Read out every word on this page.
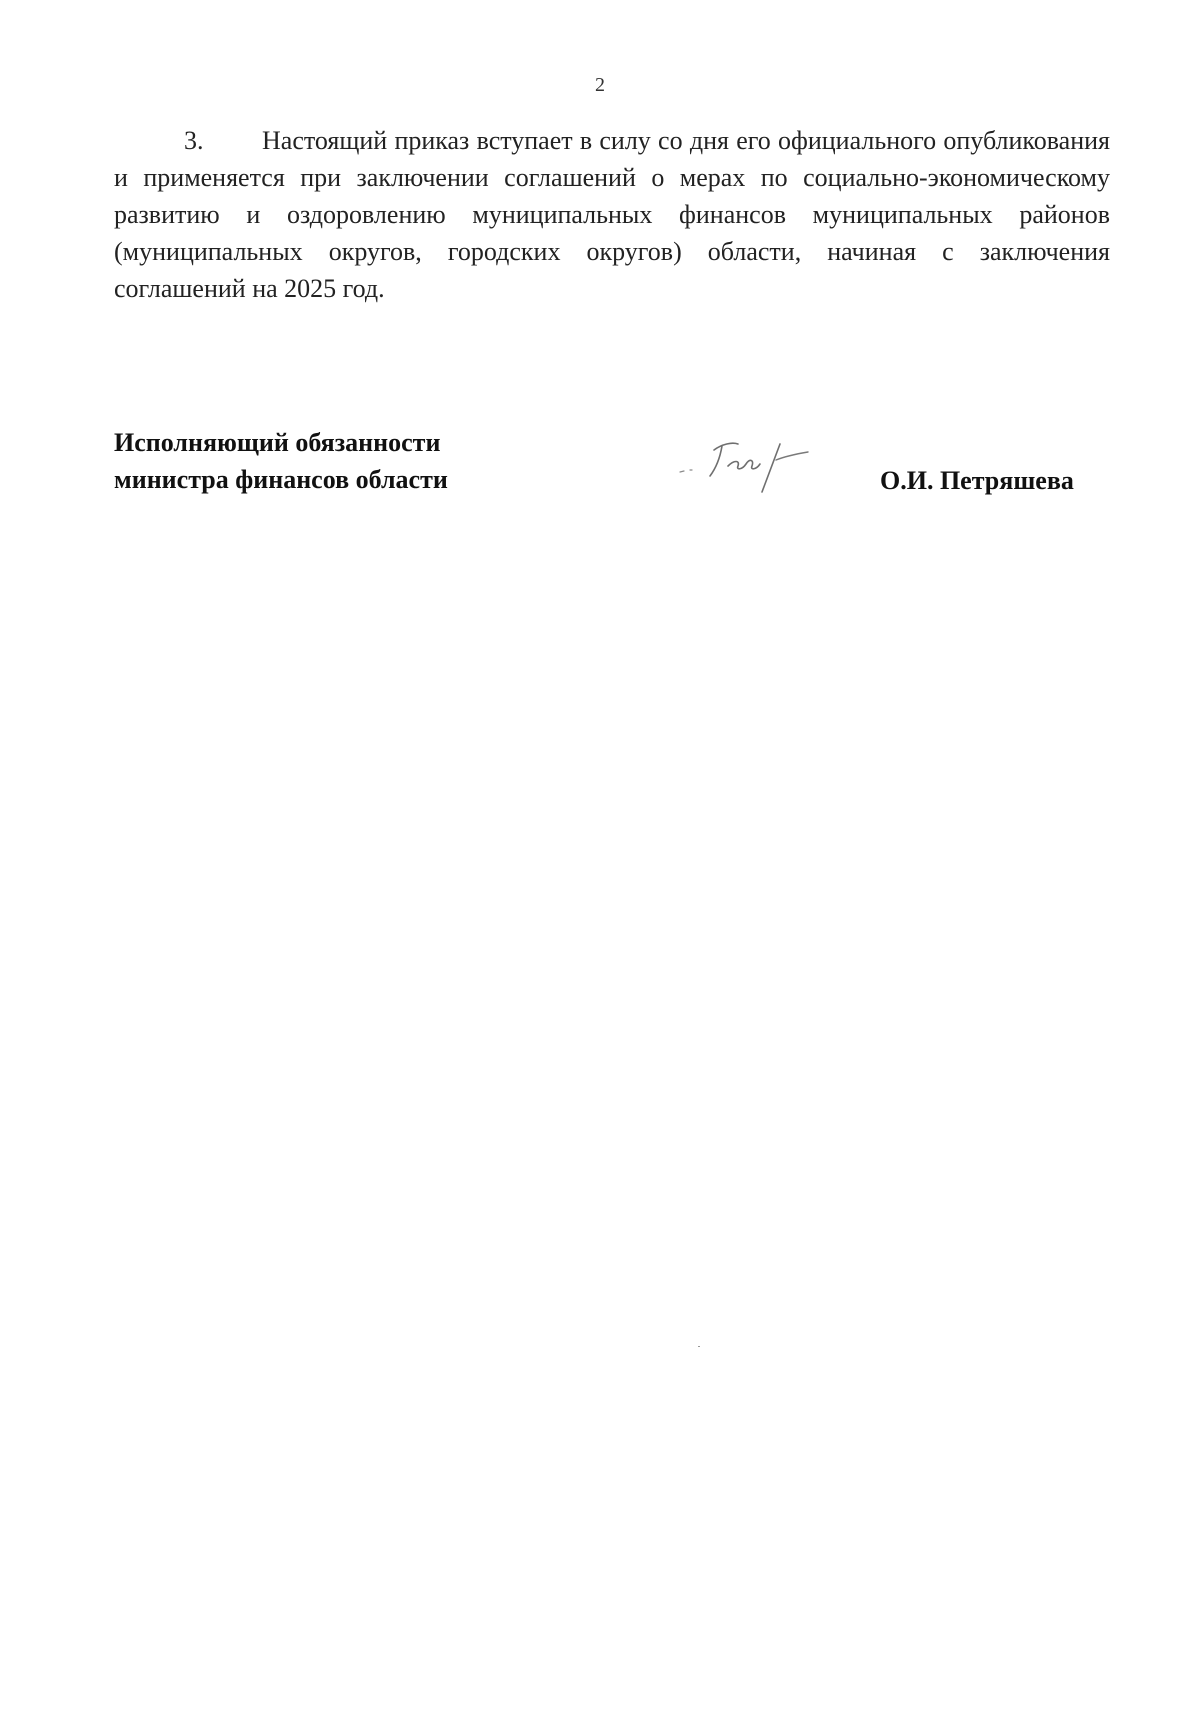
2
3. Настоящий приказ вступает в силу со дня его официального опубликования и применяется при заключении соглашений о мерах по социально-экономическому развитию и оздоровлению муниципальных финансов муниципальных районов (муниципальных округов, городских округов) области, начиная с заключения соглашений на 2025 год.
Исполняющий обязанности
министра финансов области	О.И. Петряшева
